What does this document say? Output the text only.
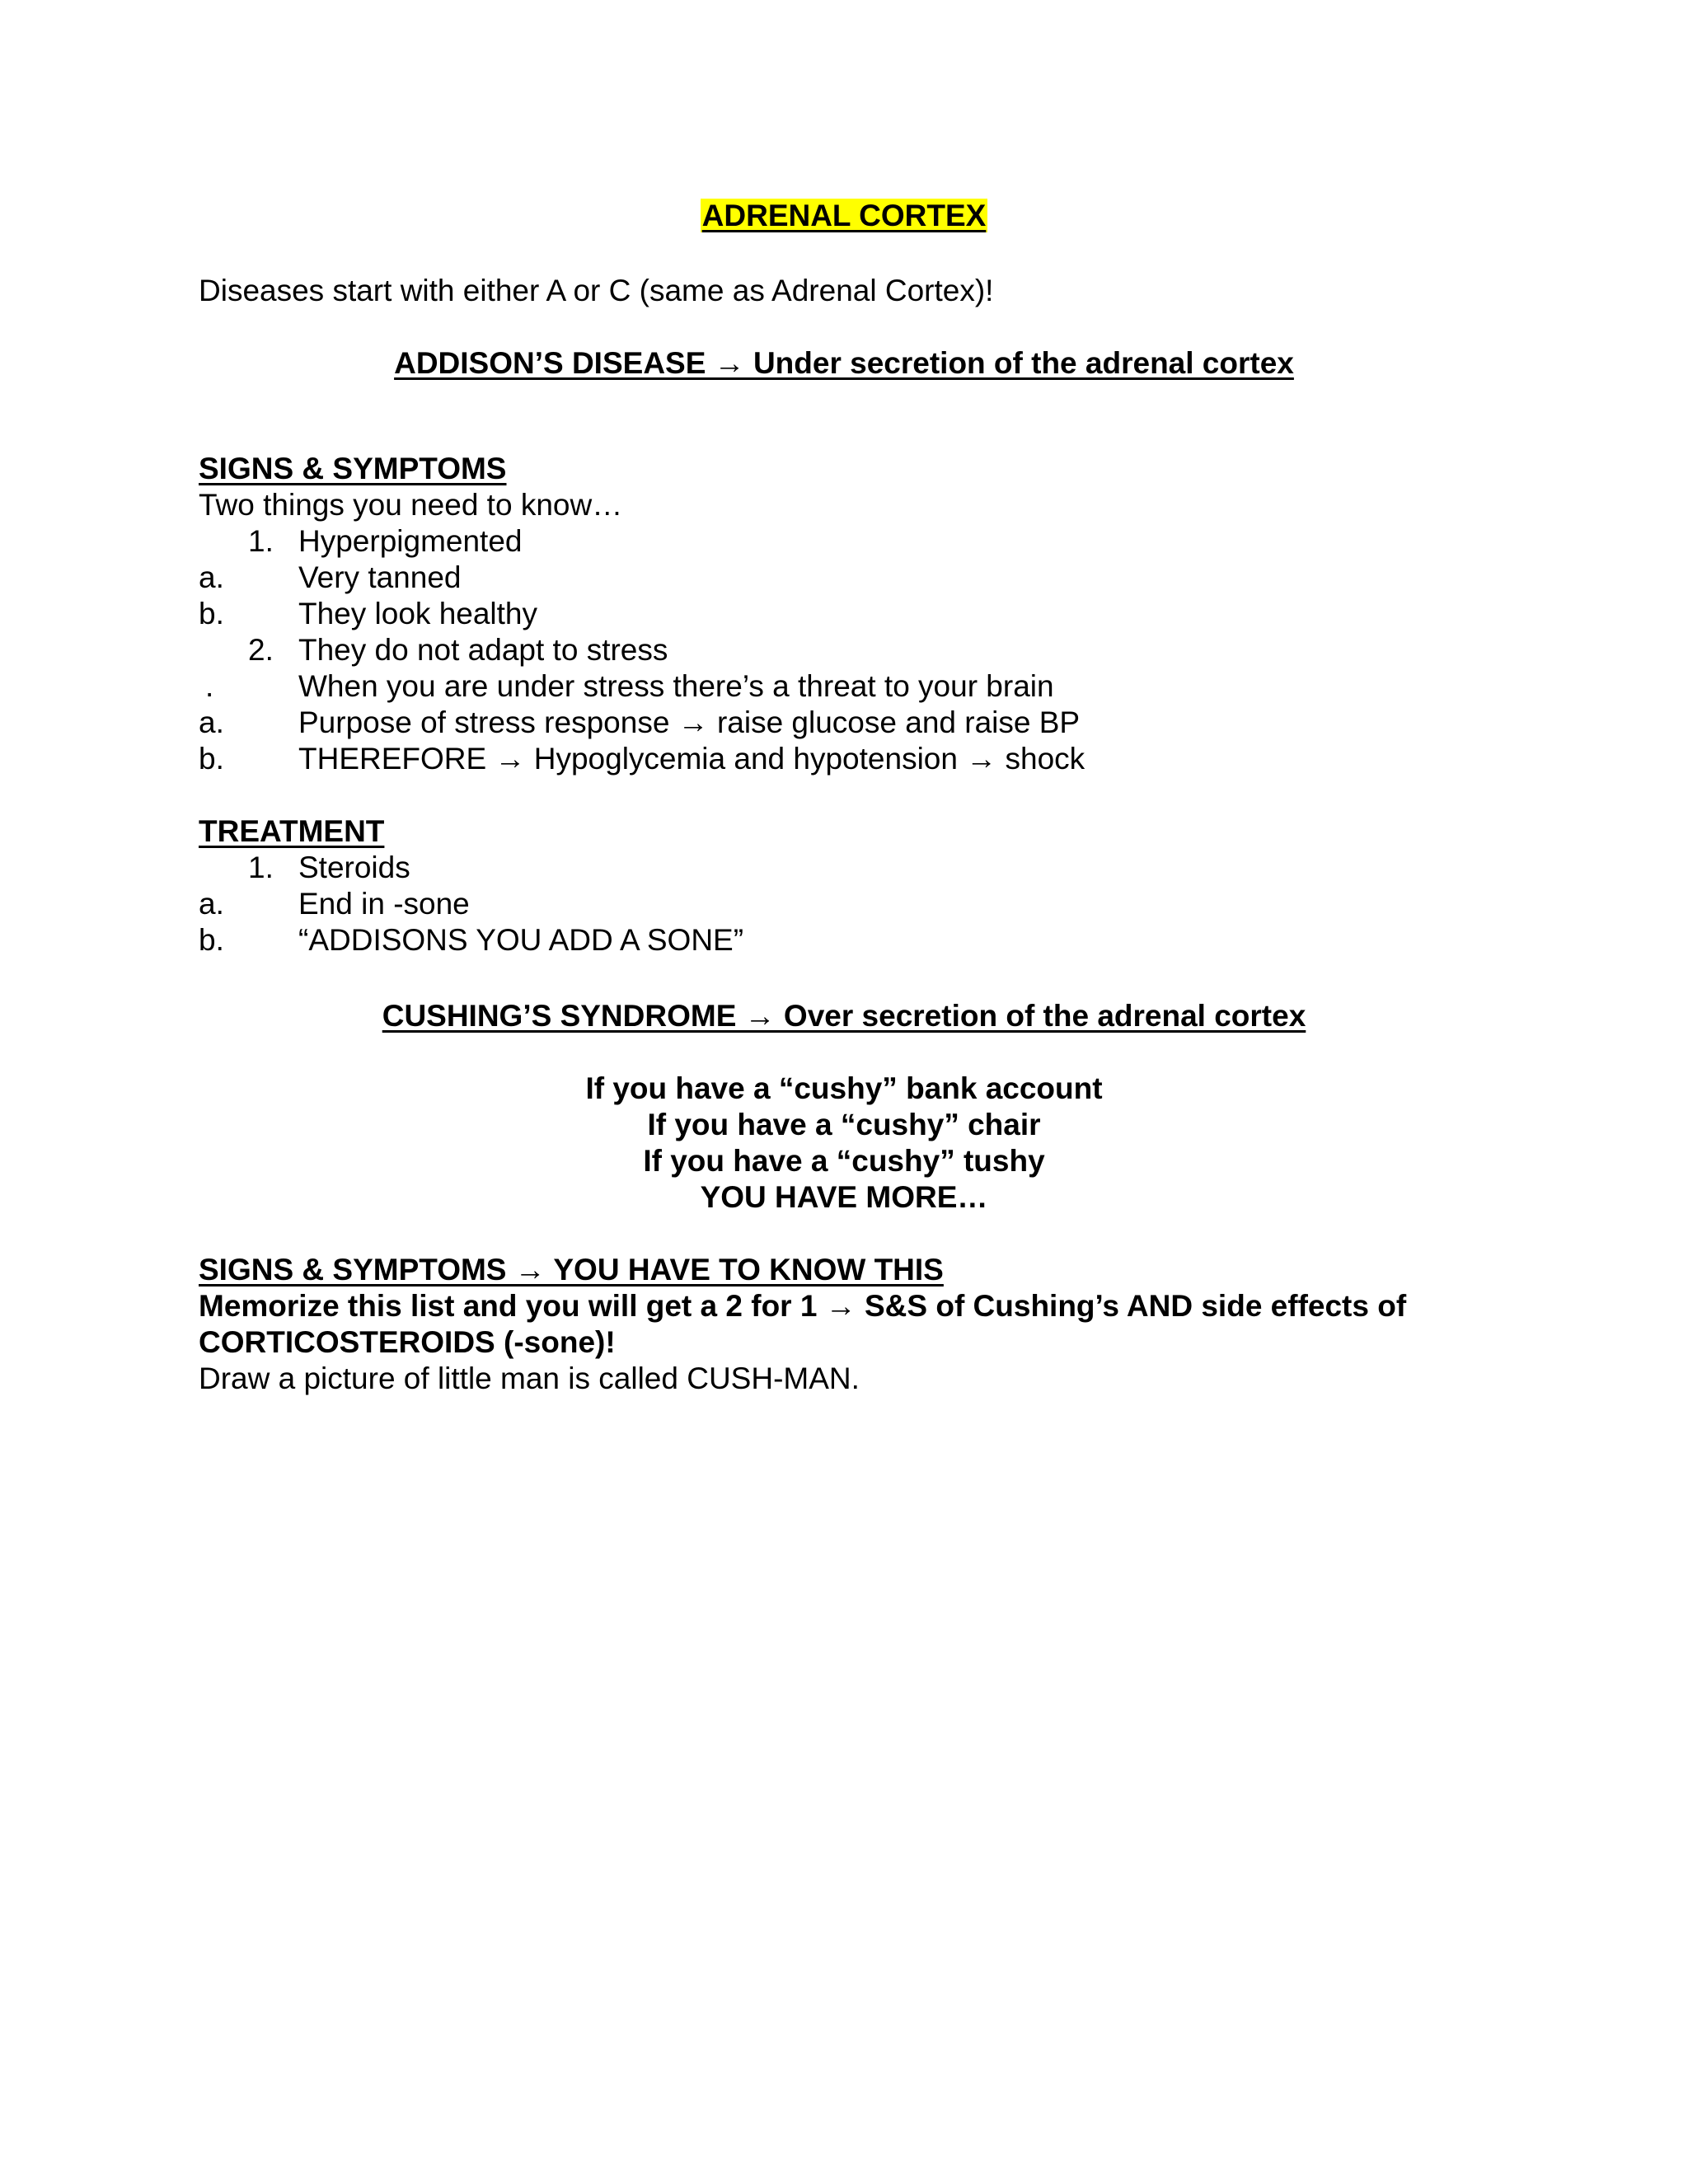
ADRENAL CORTEX
Diseases start with either A or C (same as Adrenal Cortex)!
ADDISON’S DISEASE → Under secretion of the adrenal cortex
SIGNS & SYMPTOMS
Two things you need to know…
1. Hyperpigmented
a. Very tanned
b. They look healthy
2. They do not adapt to stress
.	When you are under stress there’s a threat to your brain
a. Purpose of stress response → raise glucose and raise BP
b. THEREFORE → Hypoglycemia and hypotension → shock
TREATMENT
1. Steroids
a. End in -sone
b. “ADDISONS YOU ADD A SONE”
CUSHING’S SYNDROME → Over secretion of the adrenal cortex
If you have a “cushy” bank account
If you have a “cushy” chair
If you have a “cushy” tushy
YOU HAVE MORE…
SIGNS & SYMPTOMS → YOU HAVE TO KNOW THIS
Memorize this list and you will get a 2 for 1 → S&S of Cushing’s AND side effects of
CORTICOSTEROIDS (-sone)!
Draw a picture of little man is called CUSH-MAN.
